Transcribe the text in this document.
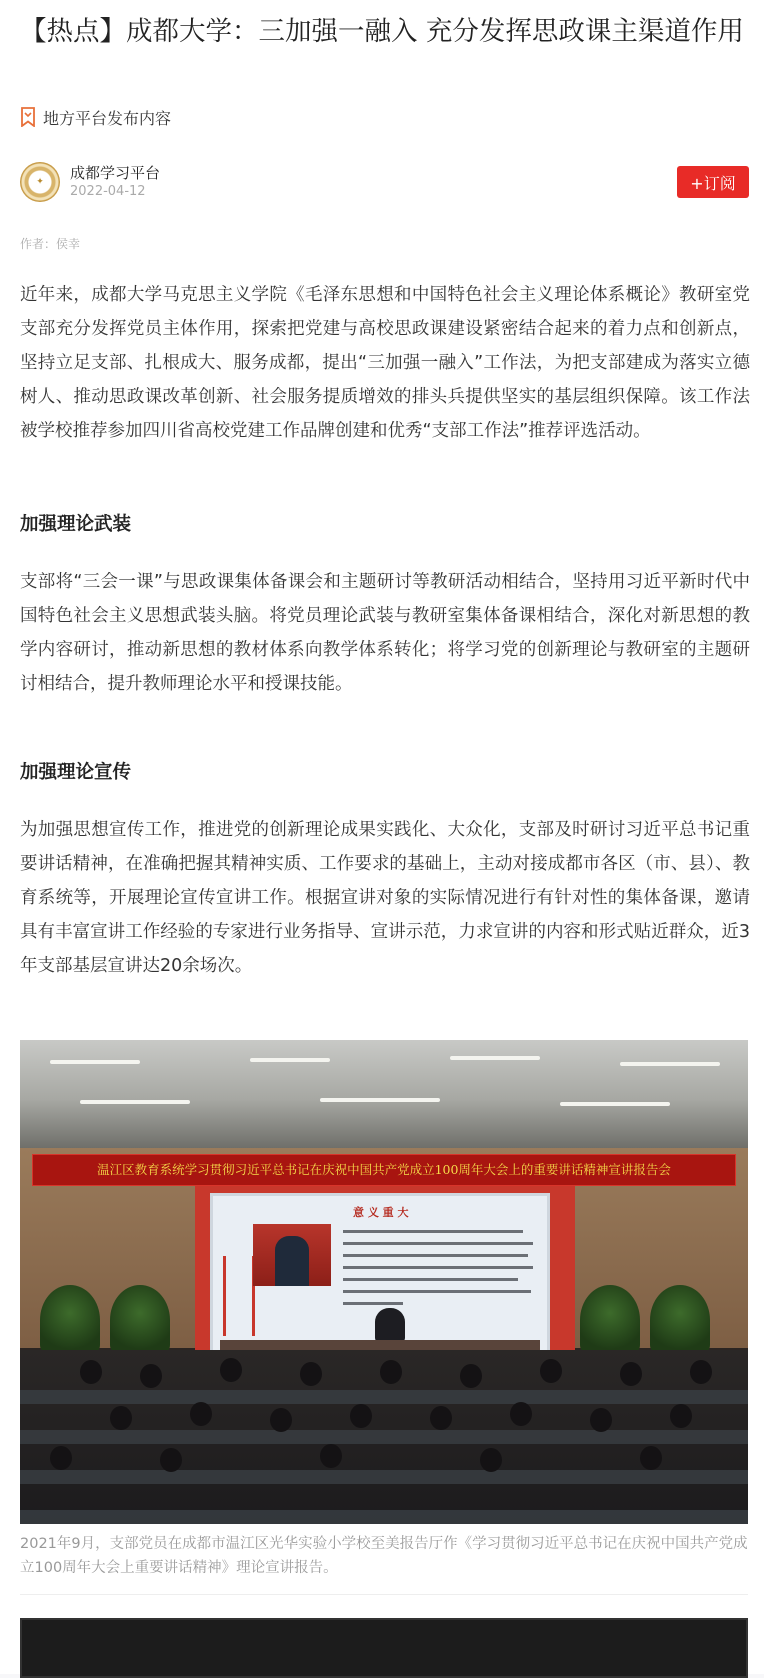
【热点】成都大学：三加强一融入 充分发挥思政课主渠道作用
地方平台发布内容
✦ 成都学习平台
2022-04-12	+订阅
作者：侯幸

近年来，成都大学马克思主义学院《毛泽东思想和中国特色社会主义理论体系概论》教研室党支部充分发挥党员主体作用，探索把党建与高校思政课建设紧密结合起来的着力点和创新点，坚持立足支部、扎根成大、服务成都，提出“三加强一融入”工作法，为把支部建成为落实立德树人、推动思政课改革创新、社会服务提质增效的排头兵提供坚实的基层组织保障。该工作法被学校推荐参加四川省高校党建工作品牌创建和优秀“支部工作法”推荐评选活动。

加强理论武装

支部将“三会一课”与思政课集体备课会和主题研讨等教研活动相结合，坚持用习近平新时代中国特色社会主义思想武装头脑。将党员理论武装与教研室集体备课相结合，深化对新思想的教学内容研讨，推动新思想的教材体系向教学体系转化；将学习党的创新理论与教研室的主题研讨相结合，提升教师理论水平和授课技能。

加强理论宣传

为加强思想宣传工作，推进党的创新理论成果实践化、大众化，支部及时研讨习近平总书记重要讲话精神，在准确把握其精神实质、工作要求的基础上，主动对接成都市各区（市、县）、教育系统等，开展理论宣传宣讲工作。根据宣讲对象的实际情况进行有针对性的集体备课，邀请具有丰富宣讲工作经验的专家进行业务指导、宣讲示范，力求宣讲的内容和形式贴近群众，近3年支部基层宣讲达20余场次。

温江区教育系统学习贯彻习近平总书记在庆祝中国共产党成立100周年大会上的重要讲话精神宣讲报告会
意 义 重 大

2021年9月，支部党员在成都市温江区光华实验小学校至美报告厅作《学习贯彻习近平总书记在庆祝中国共产党成立100周年大会上重要讲话精神》理论宣讲报告。
